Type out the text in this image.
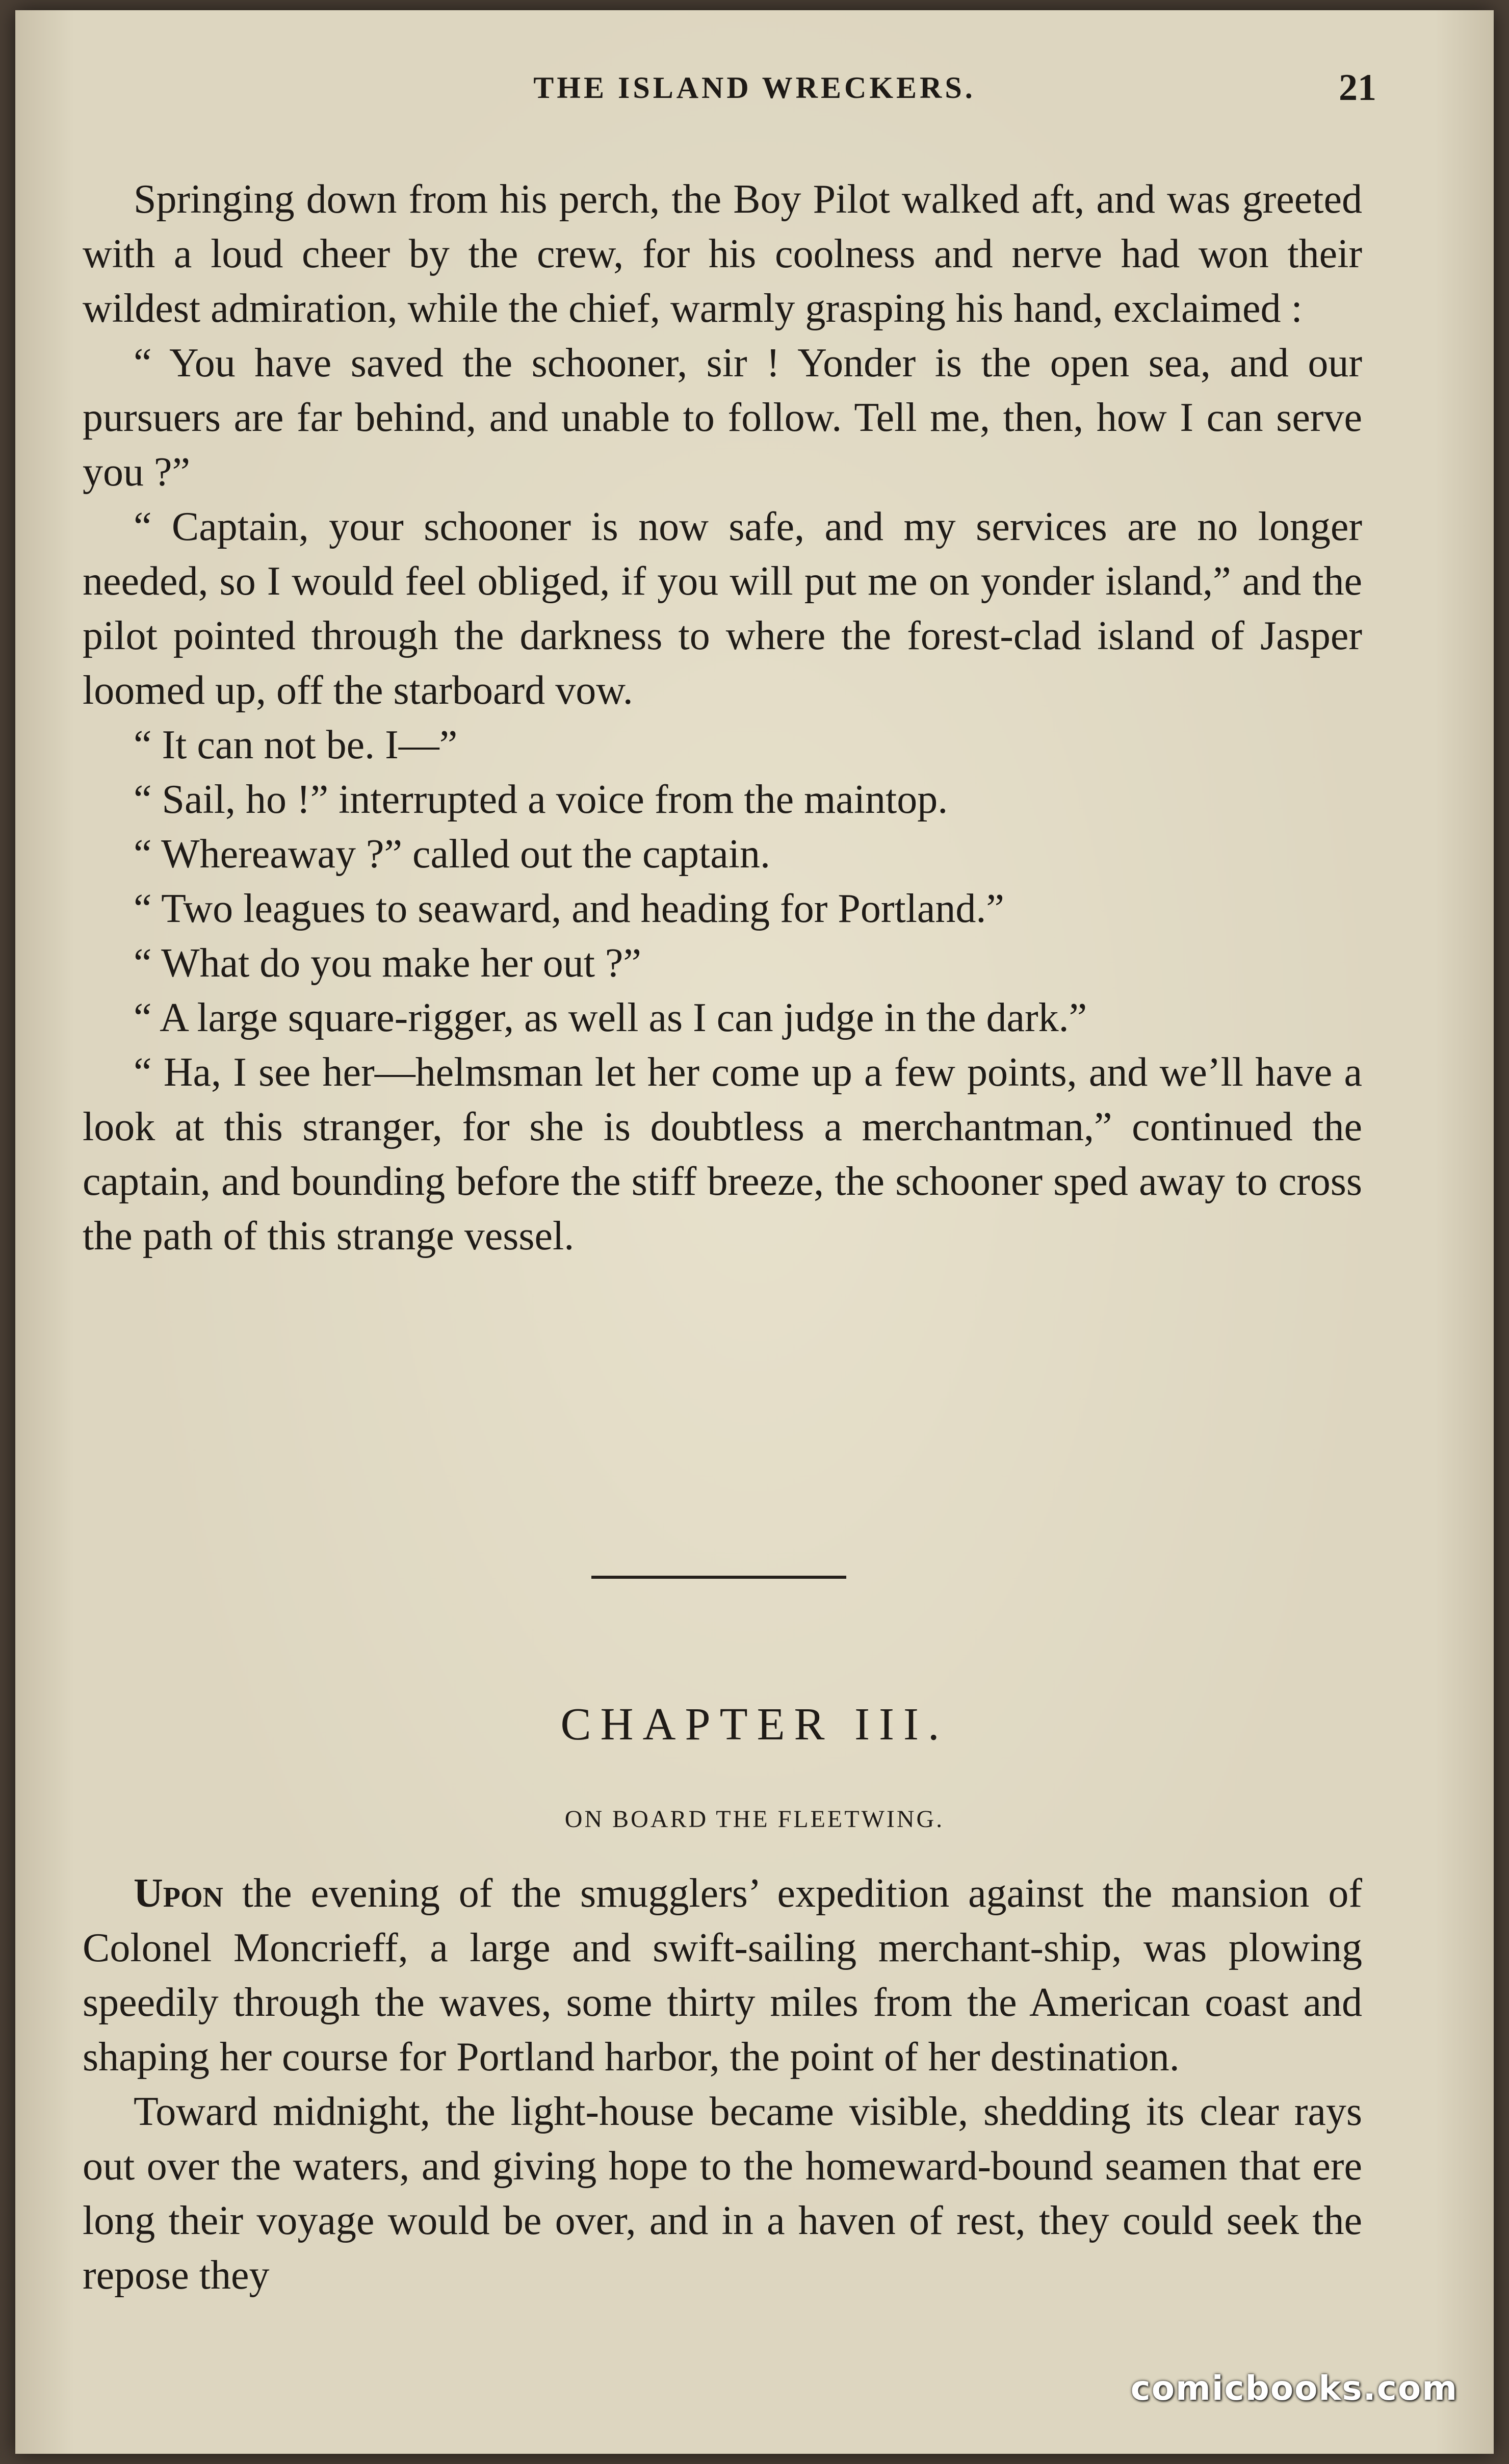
THE ISLAND WRECKERS.	21

Springing down from his perch, the Boy Pilot walked aft, and was greeted with a loud cheer by the crew, for his coolness and nerve had won their wildest admiration, while the chief, warmly grasping his hand, exclaimed :

“ You have saved the schooner, sir ! Yonder is the open sea, and our pursuers are far behind, and unable to follow. Tell me, then, how I can serve you ?”

“ Captain, your schooner is now safe, and my services are no longer needed, so I would feel obliged, if you will put me on yonder island,” and the pilot pointed through the darkness to where the forest-clad island of Jasper loomed up, off the starboard vow.

“ It can not be. I—”

“ Sail, ho !” interrupted a voice from the maintop.

“ Whereaway ?” called out the captain.

“ Two leagues to seaward, and heading for Portland.”

“ What do you make her out ?”

“ A large square-rigger, as well as I can judge in the dark.”

“ Ha, I see her—helmsman let her come up a few points, and we’ll have a look at this stranger, for she is doubtless a merchantman,” continued the captain, and bounding before the stiff breeze, the schooner sped away to cross the path of this strange vessel.

CHAPTER III.
ON BOARD THE FLEETWING.

Upon the evening of the smugglers’ expedition against the mansion of Colonel Moncrieff, a large and swift-sailing merchant-ship, was plowing speedily through the waves, some thirty miles from the American coast and shaping her course for Portland harbor, the point of her destination.

Toward midnight, the light-house became visible, shedding its clear rays out over the waters, and giving hope to the homeward-bound seamen that ere long their voyage would be over, and in a haven of rest, they could seek the repose they

comicbooks.com
